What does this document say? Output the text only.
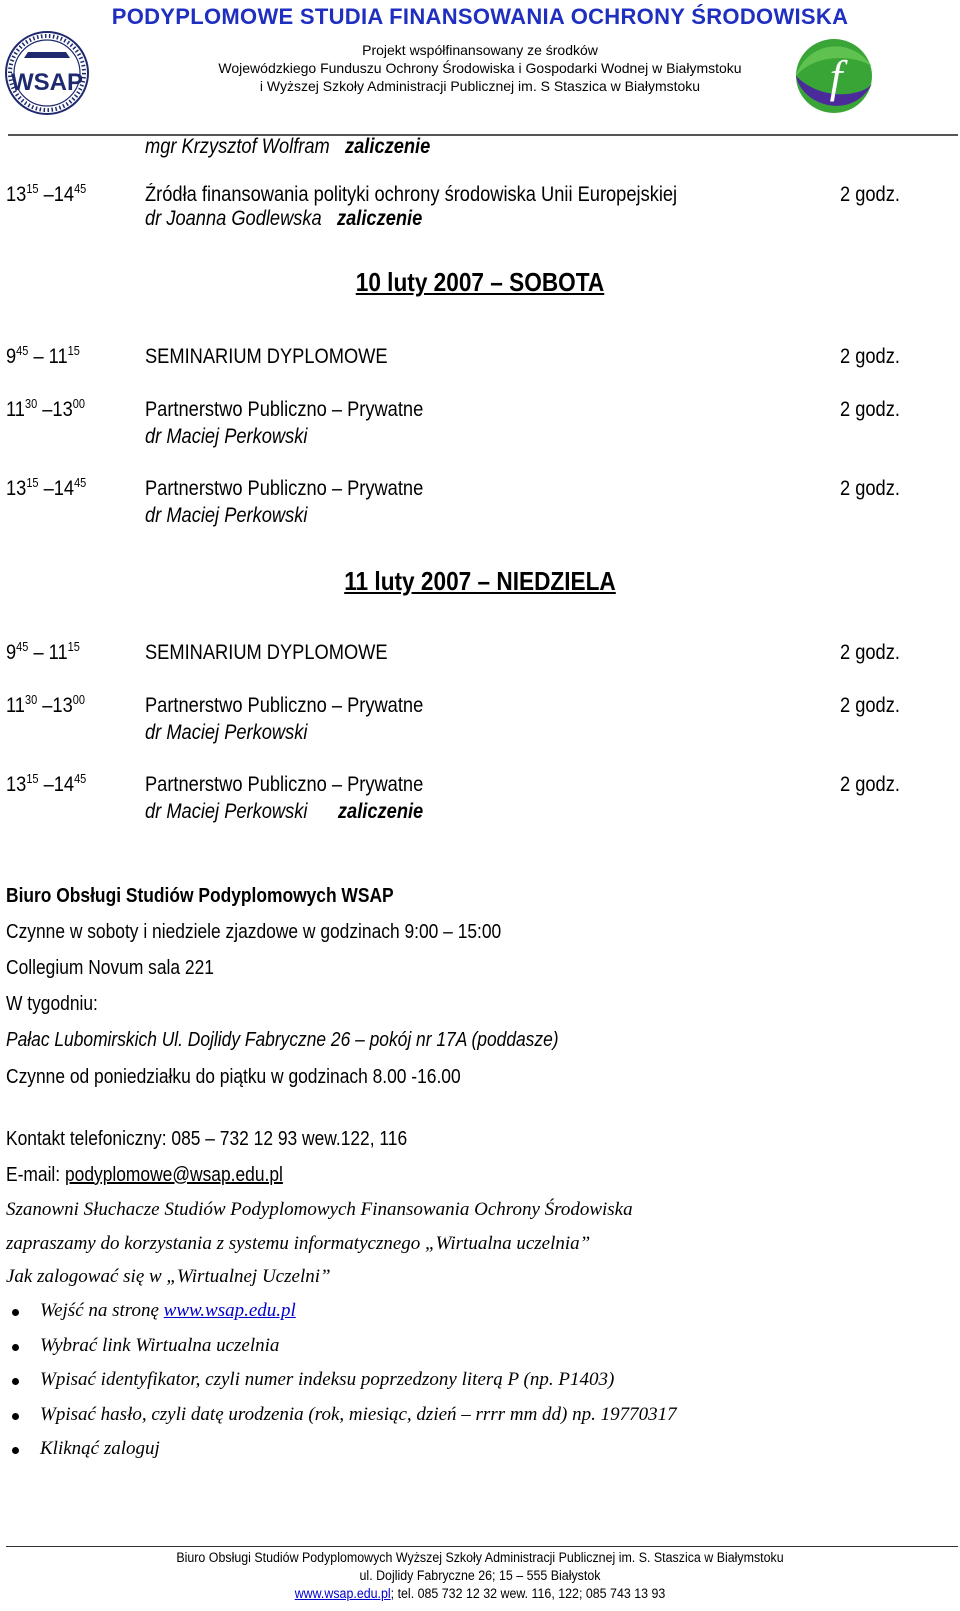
PODYPLOMOWE STUDIA FINANSOWANIA OCHRONY ŚRODOWISKA
Projekt współfinansowany ze środków
Wojewódzkiego Funduszu Ochrony Środowiska i Gospodarki Wodnej w Białymstoku
i Wyższej Szkoły Administracji Publicznej im. S Staszica w Białymstoku
WSAP	f
mgr Krzysztof Wolfram zaliczenie
$13^{15}$ $-14^{45}$	Źródła finansowania polityki ochrony środowiska Unii Europejskiej	2 godz.
dr Joanna Godlewska zaliczenie
10 luty 2007 – SOBOTA
$9^{45} - 11^{15}$	SEMINARIUM DYPLOMOWE	2 godz.
$11^{30}$ $-13^{00}$	Partnerstwo Publiczno – Prywatne	2 godz.
dr Maciej Perkowski
$13^{15}$ $-14^{45}$	Partnerstwo Publiczno – Prywatne	2 godz.
dr Maciej Perkowski
11 luty 2007 – NIEDZIELA
$9^{45} - 11^{15}$	SEMINARIUM DYPLOMOWE	2 godz.
$11^{30}$ $-13^{00}$	Partnerstwo Publiczno – Prywatne	2 godz.
dr Maciej Perkowski
$13^{15}$ $-14^{45}$	Partnerstwo Publiczno – Prywatne	2 godz.
dr Maciej Perkowski zaliczenie
Biuro Obsługi Studiów Podyplomowych WSAP
Czynne w soboty i niedziele zjazdowe w godzinach 9:00 – 15:00
Collegium Novum sala 221
W tygodniu:
Pałac Lubomirskich Ul. Dojlidy Fabryczne 26 – pokój nr 17A (poddasze)
Czynne od poniedziałku do piątku w godzinach 8.00 -16.00
Kontakt telefoniczny: 085 – 732 12 93 wew.122, 116
E-mail: podyplomowe@wsap.edu.pl
Szanowni Słuchacze Studiów Podyplomowych Finansowania Ochrony Środowiska
zapraszamy do korzystania z systemu informatycznego „Wirtualna uczelnia”
Jak zalogować się w „Wirtualnej Uczelni”
Wejść na stronę www.wsap.edu.pl
Wybrać link Wirtualna uczelnia
Wpisać identyfikator, czyli numer indeksu poprzedzony literą P (np. P1403)
Wpisać hasło, czyli datę urodzenia (rok, miesiąc, dzień – rrrr mm dd) np. 19770317
Kliknąć zaloguj
Biuro Obsługi Studiów Podyplomowych Wyższej Szkoły Administracji Publicznej im. S. Staszica w Białymstoku
ul. Dojlidy Fabryczne 26; 15 – 555 Białystok
www.wsap.edu.pl; tel. 085 732 12 32 wew. 116, 122; 085 743 13 93
